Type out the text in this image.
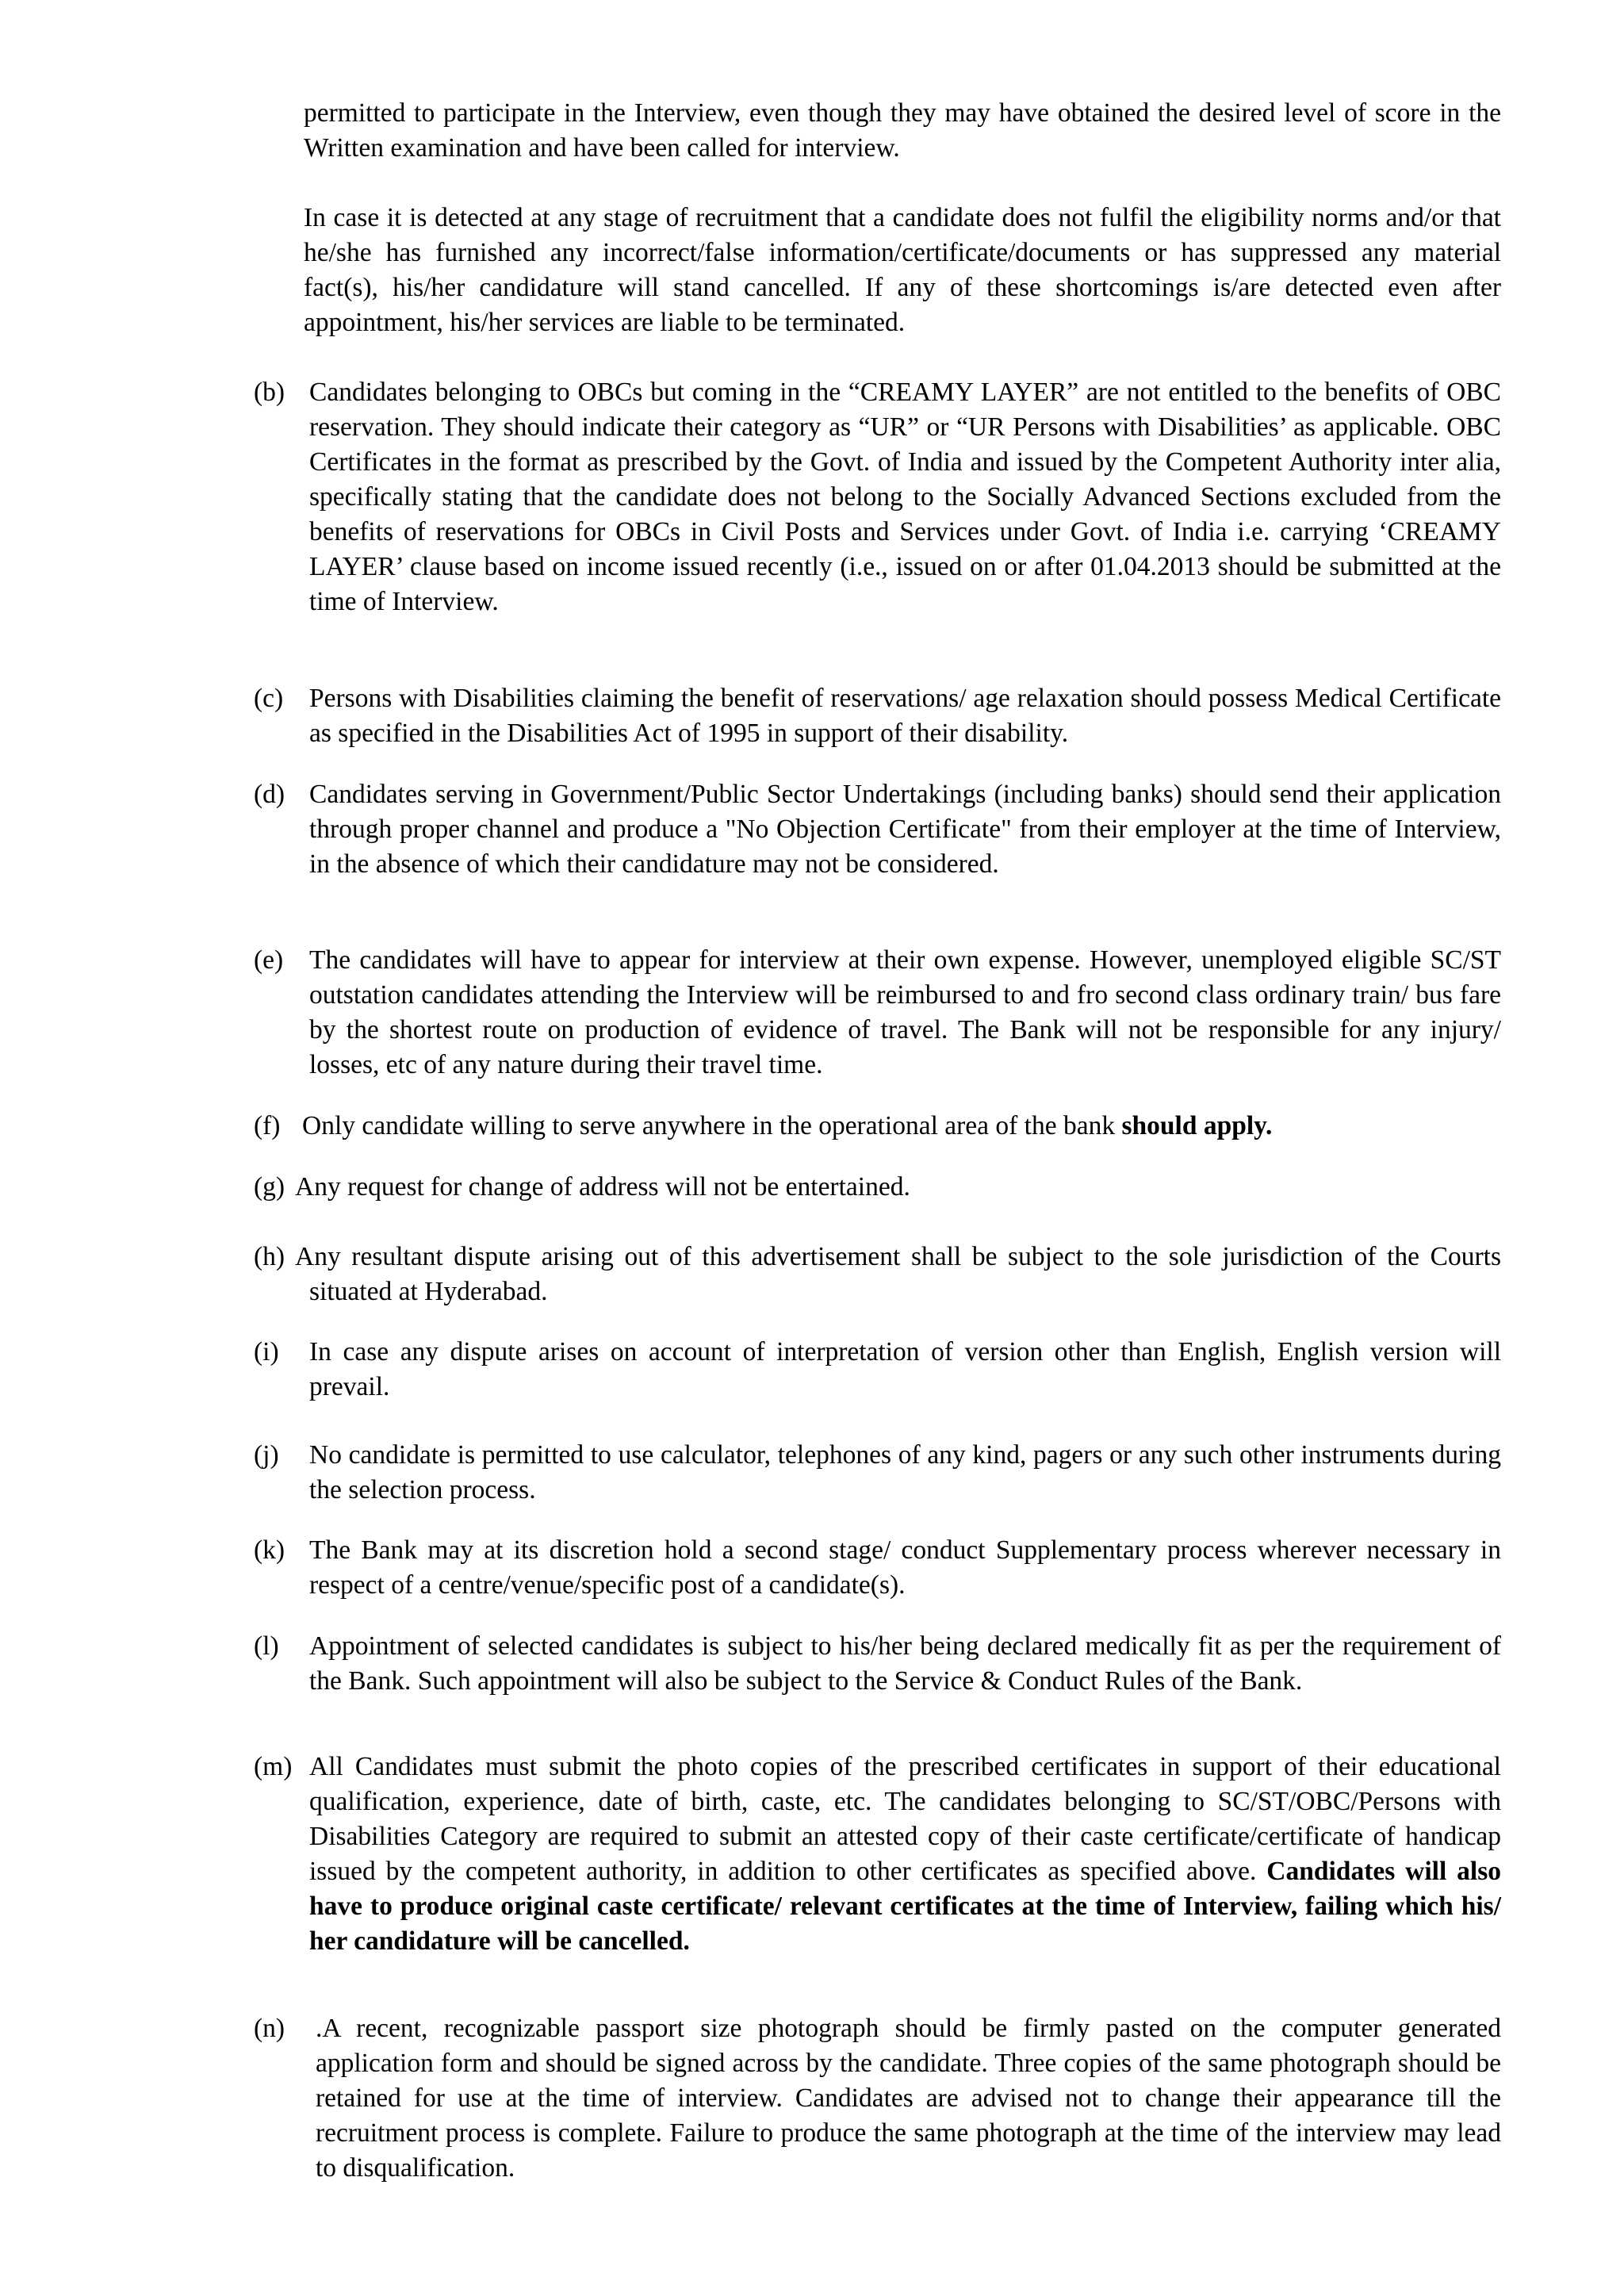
permitted to participate in the Interview, even though they may have obtained the desired level of score in the Written examination and have been called for interview.
In case it is detected at any stage of recruitment that a candidate does not fulfil the eligibility norms and/or that he/she has furnished any incorrect/false information/certificate/documents or has suppressed any material fact(s), his/her candidature will stand cancelled. If any of these shortcomings is/are detected even after appointment, his/her services are liable to be terminated.
(b) Candidates belonging to OBCs but coming in the “CREAMY LAYER” are not entitled to the benefits of OBC reservation. They should indicate their category as “UR” or “UR Persons with Disabilities’ as applicable. OBC Certificates in the format as prescribed by the Govt. of India and issued by the Competent Authority inter alia, specifically stating that the candidate does not belong to the Socially Advanced Sections excluded from the benefits of reservations for OBCs in Civil Posts and Services under Govt. of India i.e. carrying ‘CREAMY LAYER’ clause based on income issued recently (i.e., issued on or after 01.04.2013 should be submitted at the time of Interview.
(c) Persons with Disabilities claiming the benefit of reservations/ age relaxation should possess Medical Certificate as specified in the Disabilities Act of 1995 in support of their disability.
(d) Candidates serving in Government/Public Sector Undertakings (including banks) should send their application through proper channel and produce a "No Objection Certificate" from their employer at the time of Interview, in the absence of which their candidature may not be considered.
(e) The candidates will have to appear for interview at their own expense. However, unemployed eligible SC/ST outstation candidates attending the Interview will be reimbursed to and fro second class ordinary train/ bus fare by the shortest route on production of evidence of travel. The Bank will not be responsible for any injury/ losses, etc of any nature during their travel time.
(f) Only candidate willing to serve anywhere in the operational area of the bank should apply.
(g) Any request for change of address will not be entertained.
(h) Any resultant dispute arising out of this advertisement shall be subject to the sole jurisdiction of the Courts situated at Hyderabad.
(i) In case any dispute arises on account of interpretation of version other than English, English version will prevail.
(j) No candidate is permitted to use calculator, telephones of any kind, pagers or any such other instruments during the selection process.
(k) The Bank may at its discretion hold a second stage/ conduct Supplementary process wherever necessary in respect of a centre/venue/specific post of a candidate(s).
(l) Appointment of selected candidates is subject to his/her being declared medically fit as per the requirement of the Bank. Such appointment will also be subject to the Service & Conduct Rules of the Bank.
(m) All Candidates must submit the photo copies of the prescribed certificates in support of their educational qualification, experience, date of birth, caste, etc. The candidates belonging to SC/ST/OBC/Persons with Disabilities Category are required to submit an attested copy of their caste certificate/certificate of handicap issued by the competent authority, in addition to other certificates as specified above. Candidates will also have to produce original caste certificate/ relevant certificates at the time of Interview, failing which his/ her candidature will be cancelled.
(n) .A recent, recognizable passport size photograph should be firmly pasted on the computer generated application form and should be signed across by the candidate. Three copies of the same photograph should be retained for use at the time of interview. Candidates are advised not to change their appearance till the recruitment process is complete. Failure to produce the same photograph at the time of the interview may lead to disqualification.
